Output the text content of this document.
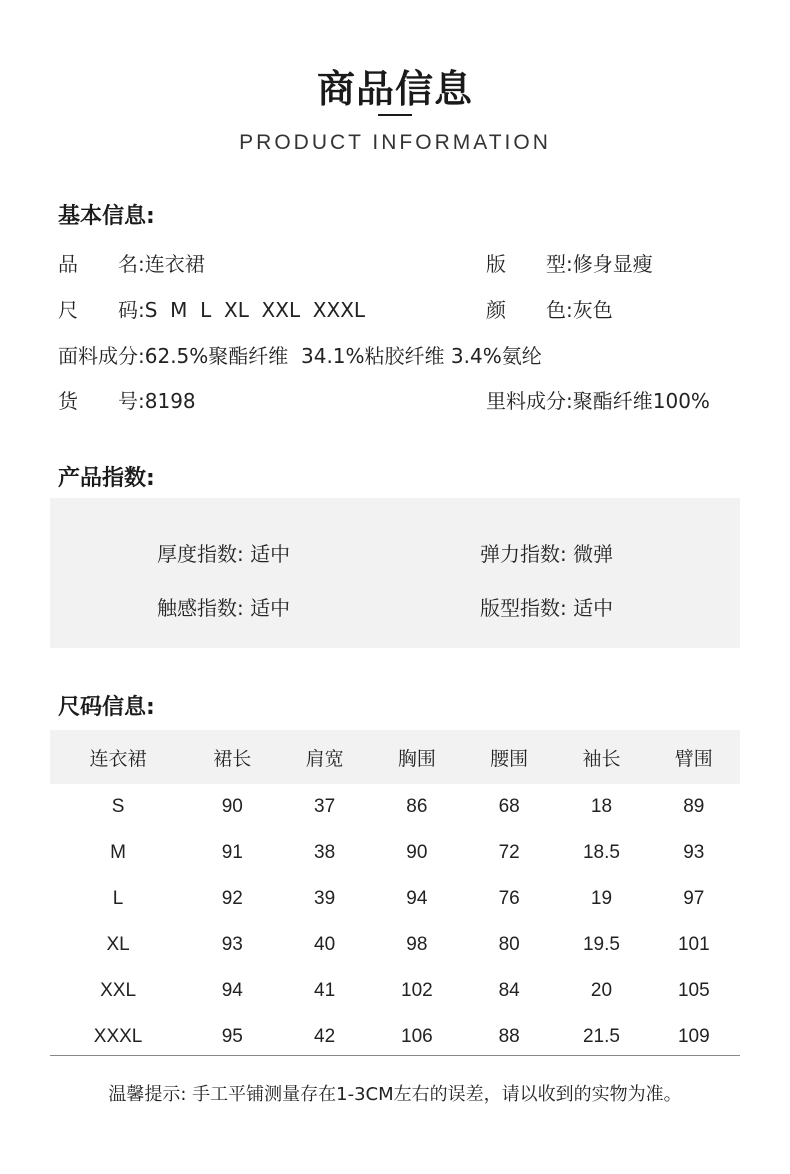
商品信息
PRODUCT INFORMATION
基本信息:
品　　名:连衣裙	版　　型:修身显瘦
尺　　码:S  M  L  XL  XXL  XXXL	颜　　色:灰色
面料成分:62.5%聚酯纤维  34.1%粘胶纤维 3.4%氨纶
货　　号:8198	里料成分:聚酯纤维100%
产品指数:
厚度指数: 适中	弹力指数: 微弹
触感指数: 适中	版型指数: 适中
尺码信息:
连衣裙	裙长	肩宽	胸围	腰围	袖长	臂围
S	90	37	86	68	18	89
M	91	38	90	72	18.5	93
L	92	39	94	76	19	97
XL	93	40	98	80	19.5	101
XXL	94	41	102	84	20	105
XXXL	95	42	106	88	21.5	109
温馨提示: 手工平铺测量存在1-3CM左右的误差，请以收到的实物为准。
